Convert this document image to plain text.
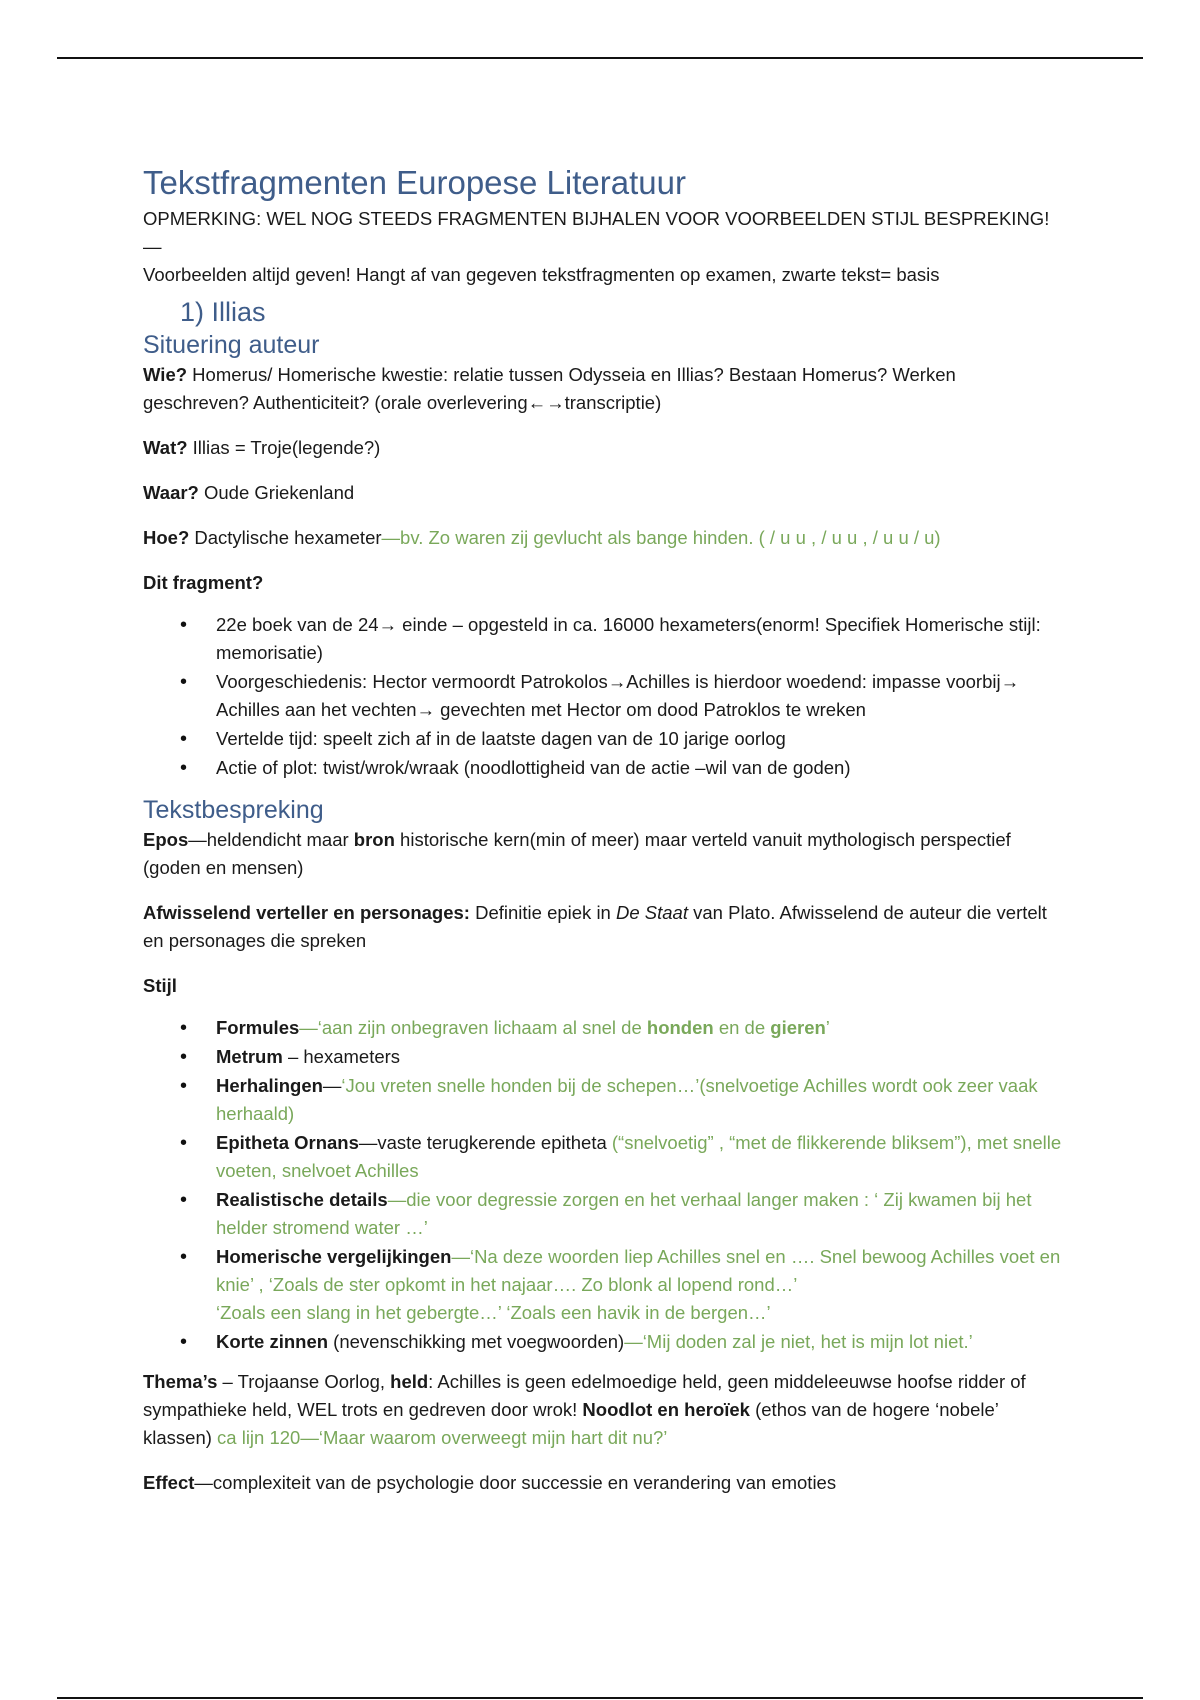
Tekstfragmenten Europese Literatuur

OPMERKING: WEL NOG STEEDS FRAGMENTEN BIJHALEN VOOR VOORBEELDEN STIJL BESPREKING!—
Voorbeelden altijd geven! Hangt af van gegeven tekstfragmenten op examen, zwarte tekst= basis

1) Illias
Situering auteur

Wie? Homerus/ Homerische kwestie: relatie tussen Odysseia en Illias? Bestaan Homerus? Werken geschreven? Authenticiteit? (orale overlevering←→transcriptie)

Wat? Illias = Troje(legende?)

Waar? Oude Griekenland

Hoe? Dactylische hexameter—bv. Zo waren zij gevlucht als bange hinden. ( / u u , / u u , / u u / u)

Dit fragment?

• 22e boek van de 24→ einde – opgesteld in ca. 16000 hexameters(enorm! Specifiek Homerische stijl: memorisatie)
• Voorgeschiedenis: Hector vermoordt Patrokolos→Achilles is hierdoor woedend: impasse voorbij→ Achilles aan het vechten→ gevechten met Hector om dood Patroklos te wreken
• Vertelde tijd: speelt zich af in de laatste dagen van de 10 jarige oorlog
• Actie of plot: twist/wrok/wraak (noodlottigheid van de actie –wil van de goden)
Tekstbespreking

Epos—heldendicht maar bron historische kern(min of meer) maar verteld vanuit mythologisch perspectief (goden en mensen)

Afwisselend verteller en personages: Definitie epiek in De Staat van Plato. Afwisselend de auteur die vertelt en personages die spreken

Stijl

• Formules—‘aan zijn onbegraven lichaam al snel de honden en de gieren’
• Metrum – hexameters
• Herhalingen—‘Jou vreten snelle honden bij de schepen…’(snelvoetige Achilles wordt ook zeer vaak herhaald)
• Epitheta Ornans—vaste terugkerende epitheta (“snelvoetig” , “met de flikkerende bliksem”), met snelle voeten, snelvoet Achilles
• Realistische details—die voor degressie zorgen en het verhaal langer maken : ‘ Zij kwamen bij het helder stromend water …’
• Homerische vergelijkingen—‘Na deze woorden liep Achilles snel en …. Snel bewoog Achilles voet en knie’ , ‘Zoals de ster opkomt in het najaar…. Zo blonk al lopend rond…’
‘Zoals een slang in het gebergte…’ ‘Zoals een havik in de bergen…’
• Korte zinnen (nevenschikking met voegwoorden)—‘Mij doden zal je niet, het is mijn lot niet.’

Thema’s – Trojaanse Oorlog, held: Achilles is geen edelmoedige held, geen middeleeuwse hoofse ridder of sympathieke held, WEL trots en gedreven door wrok! Noodlot en heroïek (ethos van de hogere ‘nobele’ klassen) ca lijn 120—‘Maar waarom overweegt mijn hart dit nu?’

Effect—complexiteit van de psychologie door successie en verandering van emoties
